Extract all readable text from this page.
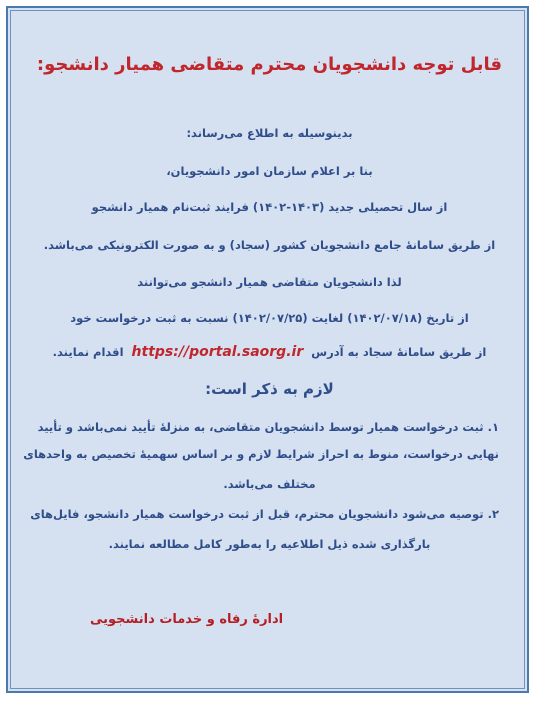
قابل توجه دانشجویان محترم متقاضی همیار دانشجو:
بدینوسیله به اطلاع می‌رساند:
بنا بر اعلام سازمان امور دانشجویان،
از سال تحصیلی جدید (۱۴۰۳-۱۴۰۲) فرایند ثبت‌نام همیار دانشجو
از طریق سامانهٔ جامع دانشجویان کشور (سجاد) و به صورت الکترونیکی می‌باشد.
لذا دانشجویان متقاضی همیار دانشجو می‌توانند
از تاریخ (۱۴۰۲/۰۷/۱۸) لغایت (۱۴۰۲/۰۷/۲۵) نسبت به ثبت درخواست خود
از طریق سامانهٔ سجاد به آدرس https://portal.saorg.ir اقدام نمایند.
لازم به ذکر است:
۱. ثبت درخواست همیار توسط دانشجویان متقاضی، به منزلهٔ تأیید نمی‌باشد و تأیید
نهایی درخواست، منوط به احراز شرایط لازم و بر اساس سهمیهٔ تخصیص به واحدهای
مختلف می‌باشد.
۲. توصیه می‌شود دانشجویان محترم، قبل از ثبت درخواست همیار دانشجو، فایل‌های
بارگذاری شده ذیل اطلاعیه را به‌طور کامل مطالعه نمایند.
ادارهٔ رفاه و خدمات دانشجویی
